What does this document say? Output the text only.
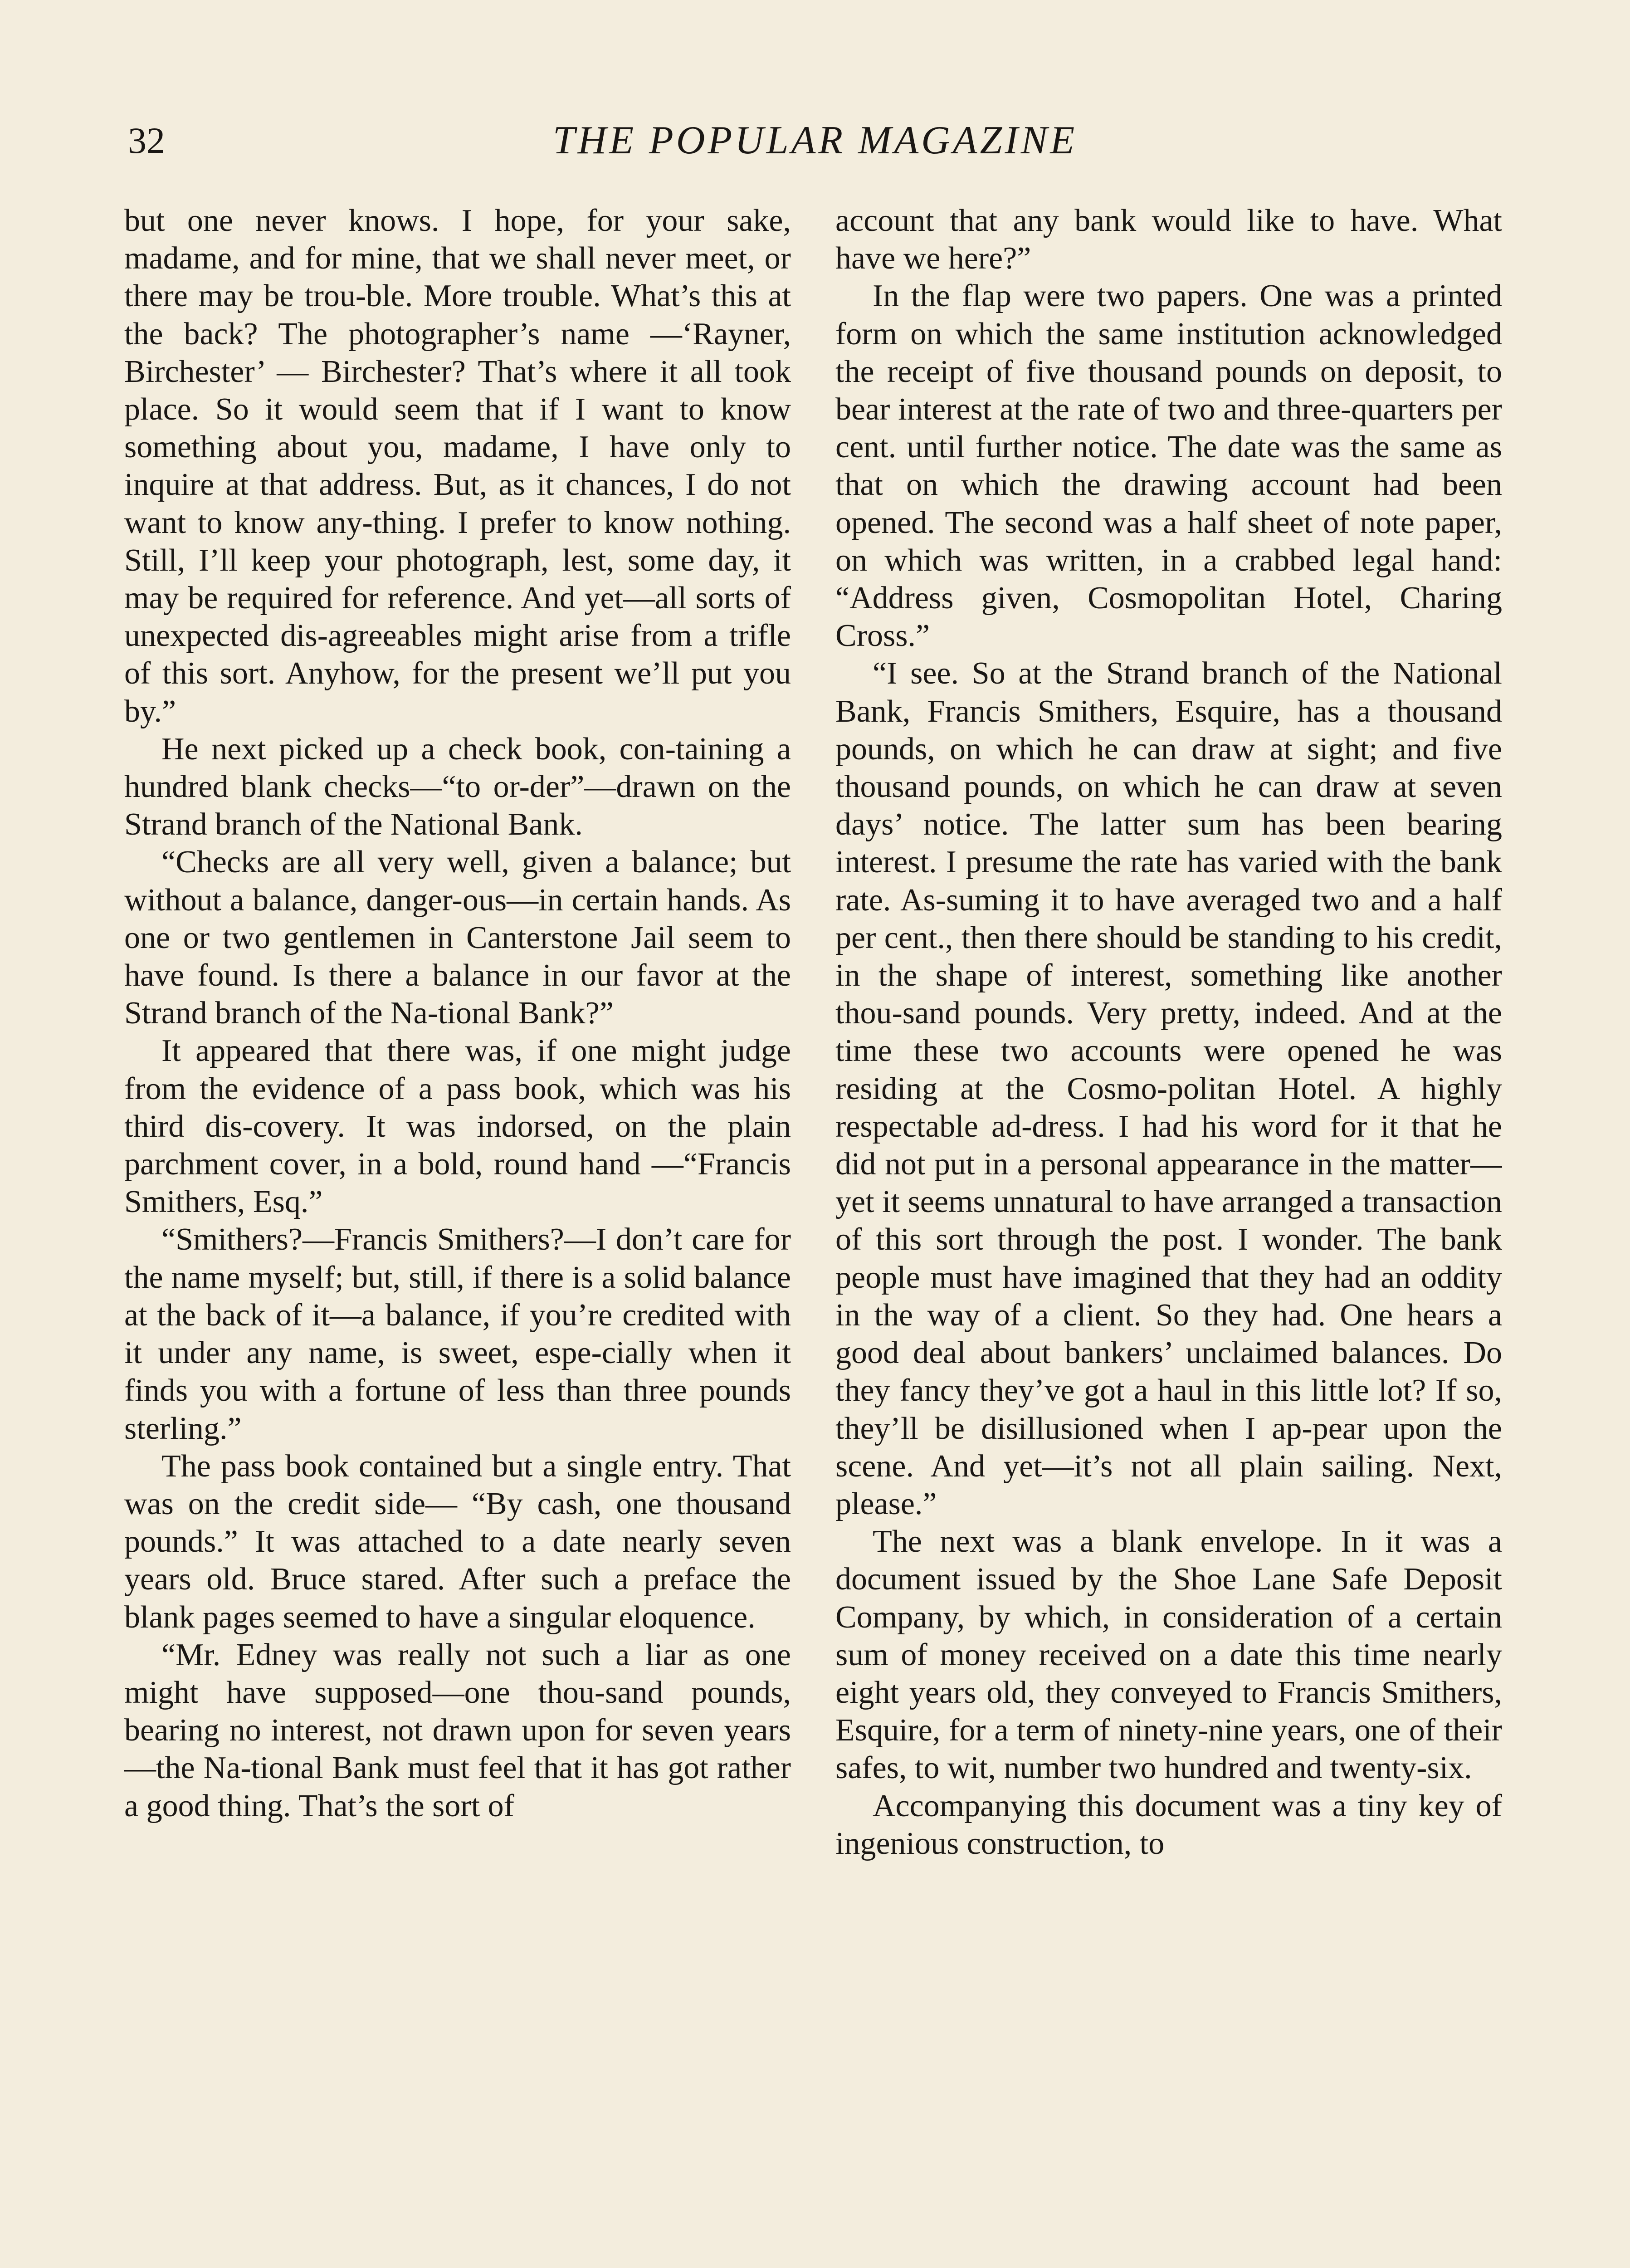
32	THE POPULAR MAGAZINE

but one never knows. I hope, for your sake, madame, and for mine, that we shall never meet, or there may be trou-ble. More trouble. What’s this at the back? The photographer’s name —‘Rayner, Birchester’ — Birchester? That’s where it all took place. So it would seem that if I want to know something about you, madame, I have only to inquire at that address. But, as it chances, I do not want to know any-thing. I prefer to know nothing. Still, I’ll keep your photograph, lest, some day, it may be required for reference. And yet—all sorts of unexpected dis-agreeables might arise from a trifle of this sort. Anyhow, for the present we’ll put you by.”

He next picked up a check book, con-taining a hundred blank checks—“to or-der”—drawn on the Strand branch of the National Bank.

“Checks are all very well, given a balance; but without a balance, danger-ous—in certain hands. As one or two gentlemen in Canterstone Jail seem to have found. Is there a balance in our favor at the Strand branch of the Na-tional Bank?”

It appeared that there was, if one might judge from the evidence of a pass book, which was his third dis-covery. It was indorsed, on the plain parchment cover, in a bold, round hand —“Francis Smithers, Esq.”

“Smithers?—Francis Smithers?—I don’t care for the name myself; but, still, if there is a solid balance at the back of it—a balance, if you’re credited with it under any name, is sweet, espe-cially when it finds you with a fortune of less than three pounds sterling.”

The pass book contained but a single entry. That was on the credit side— “By cash, one thousand pounds.” It was attached to a date nearly seven years old. Bruce stared. After such a preface the blank pages seemed to have a singular eloquence.

“Mr. Edney was really not such a liar as one might have supposed—one thou-sand pounds, bearing no interest, not drawn upon for seven years—the Na-tional Bank must feel that it has got rather a good thing. That’s the sort of

account that any bank would like to have. What have we here?”

In the flap were two papers. One was a printed form on which the same institution acknowledged the receipt of five thousand pounds on deposit, to bear interest at the rate of two and three-quarters per cent. until further notice. The date was the same as that on which the drawing account had been opened. The second was a half sheet of note paper, on which was written, in a crabbed legal hand: “Address given, Cosmopolitan Hotel, Charing Cross.”

“I see. So at the Strand branch of the National Bank, Francis Smithers, Esquire, has a thousand pounds, on which he can draw at sight; and five thousand pounds, on which he can draw at seven days’ notice. The latter sum has been bearing interest. I presume the rate has varied with the bank rate. As-suming it to have averaged two and a half per cent., then there should be standing to his credit, in the shape of interest, something like another thou-sand pounds. Very pretty, indeed. And at the time these two accounts were opened he was residing at the Cosmo-politan Hotel. A highly respectable ad-dress. I had his word for it that he did not put in a personal appearance in the matter—yet it seems unnatural to have arranged a transaction of this sort through the post. I wonder. The bank people must have imagined that they had an oddity in the way of a client. So they had. One hears a good deal about bankers’ unclaimed balances. Do they fancy they’ve got a haul in this little lot? If so, they’ll be disillusioned when I ap-pear upon the scene. And yet—it’s not all plain sailing. Next, please.”

The next was a blank envelope. In it was a document issued by the Shoe Lane Safe Deposit Company, by which, in consideration of a certain sum of money received on a date this time nearly eight years old, they conveyed to Francis Smithers, Esquire, for a term of ninety-nine years, one of their safes, to wit, number two hundred and twenty-six.

Accompanying this document was a tiny key of ingenious construction, to
